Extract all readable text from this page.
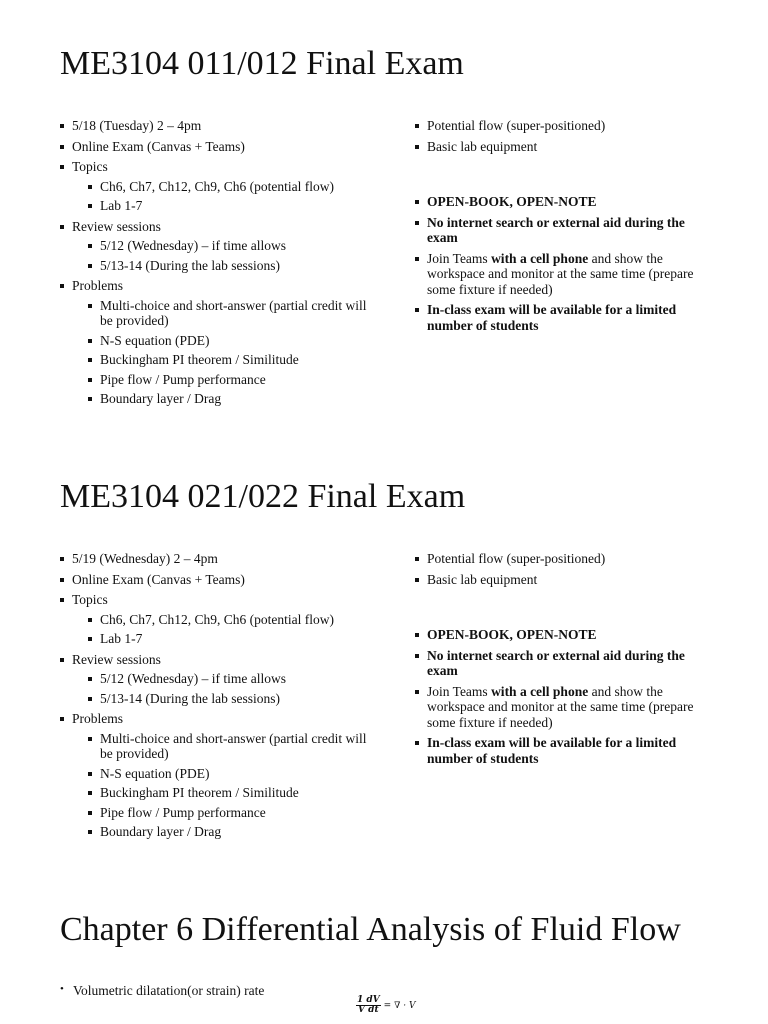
ME3104 011/012 Final Exam
5/18 (Tuesday) 2 – 4pm
Online Exam (Canvas + Teams)
Topics
Ch6, Ch7, Ch12, Ch9, Ch6 (potential flow)
Lab 1-7
Review sessions
5/12 (Wednesday) – if time allows
5/13-14 (During the lab sessions)
Problems
Multi-choice and short-answer (partial credit will be provided)
N-S equation (PDE)
Buckingham PI theorem / Similitude
Pipe flow / Pump performance
Boundary layer / Drag
Potential flow (super-positioned)
Basic lab equipment
OPEN-BOOK, OPEN-NOTE
No internet search or external aid during the exam
Join Teams with a cell phone and show the workspace and monitor at the same time (prepare some fixture if needed)
In-class exam will be available for a limited number of students
ME3104 021/022 Final Exam
5/19 (Wednesday) 2 – 4pm
Online Exam (Canvas + Teams)
Topics
Ch6, Ch7, Ch12, Ch9, Ch6 (potential flow)
Lab 1-7
Review sessions
5/12 (Wednesday) – if time allows
5/13-14 (During the lab sessions)
Problems
Multi-choice and short-answer (partial credit will be provided)
N-S equation (PDE)
Buckingham PI theorem / Similitude
Pipe flow / Pump performance
Boundary layer / Drag
Potential flow (super-positioned)
Basic lab equipment
OPEN-BOOK, OPEN-NOTE
No internet search or external aid during the exam
Join Teams with a cell phone and show the workspace and monitor at the same time (prepare some fixture if needed)
In-class exam will be available for a limited number of students
Chapter 6 Differential Analysis of Fluid Flow
• Volumetric dilatation(or strain) rate
$\frac{1 dV}{\text{V dt}}$ = ∇ · V
